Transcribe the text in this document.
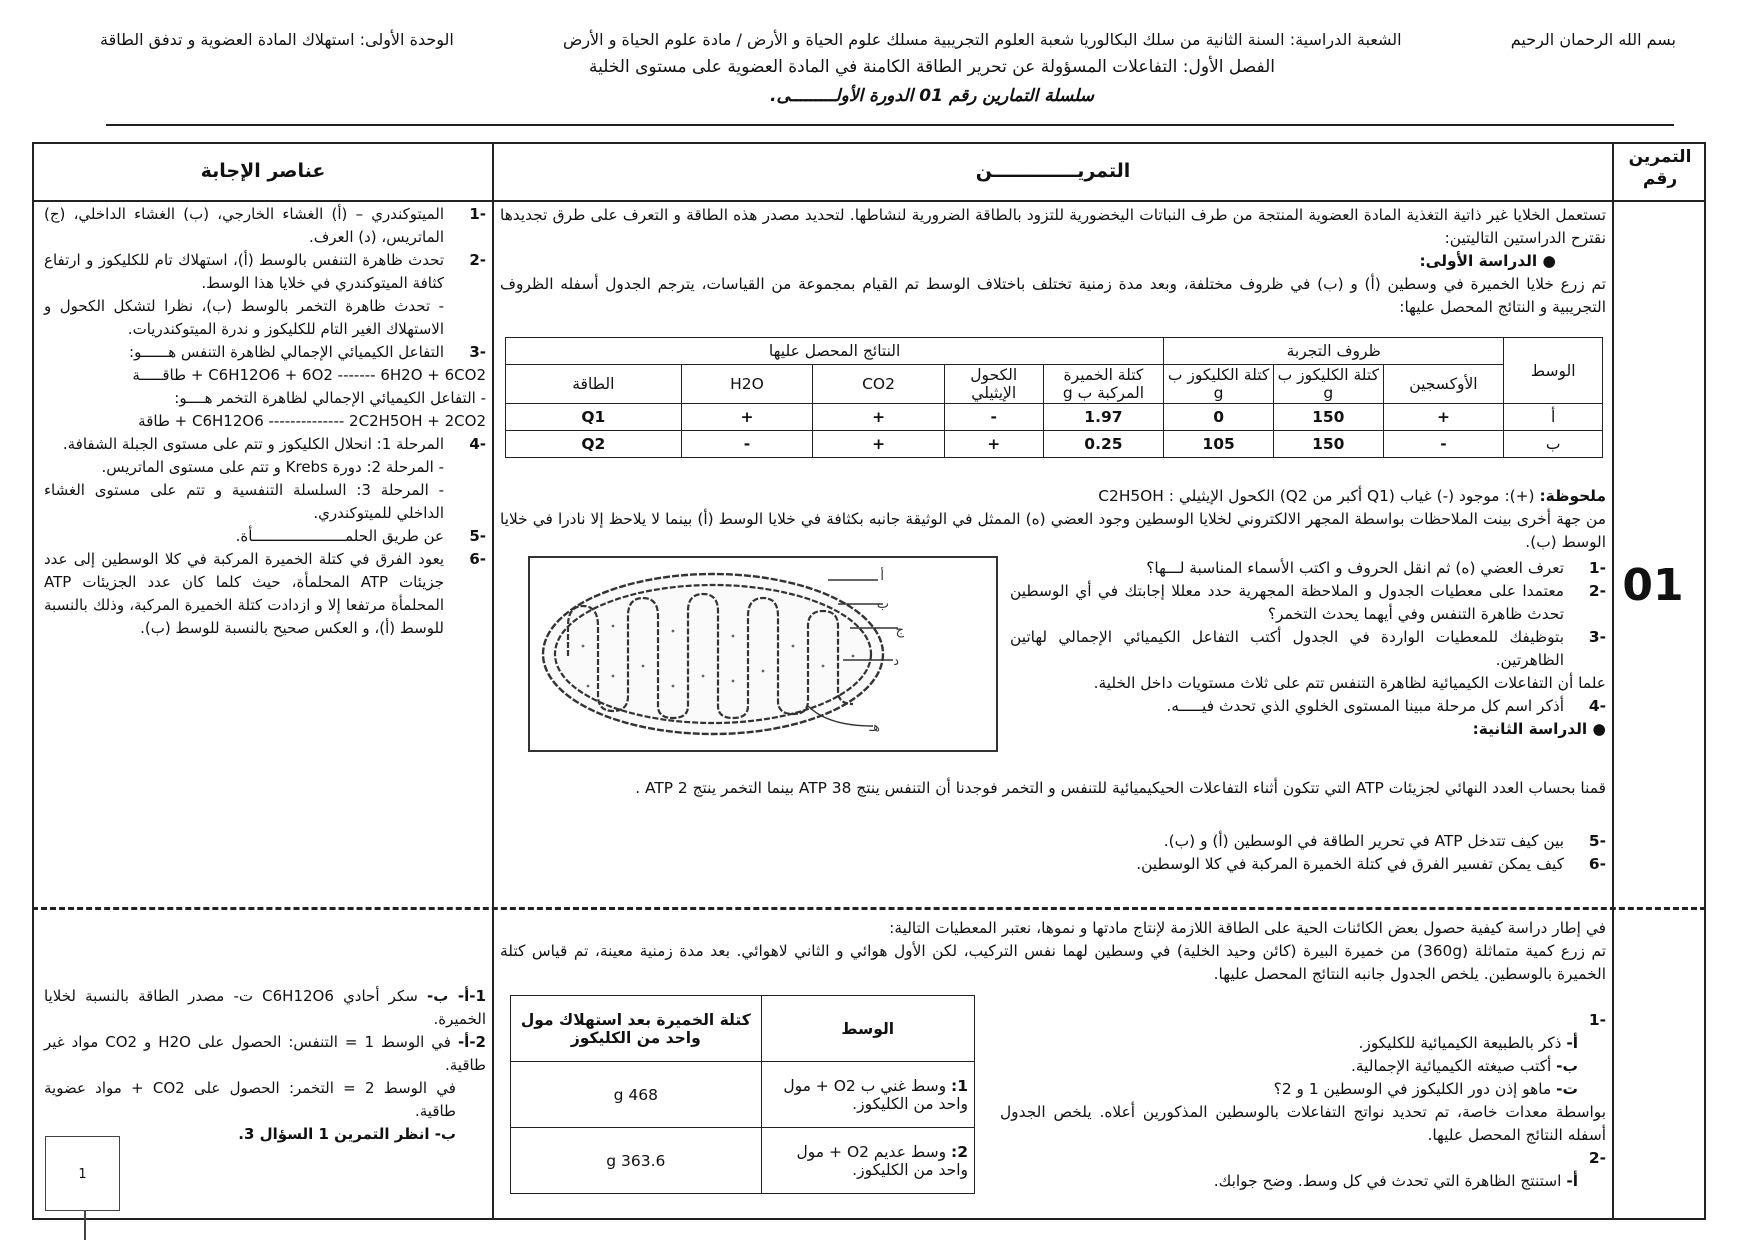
بسم الله الرحمان الرحيم
الشعبة الدراسية: السنة الثانية من سلك البكالوريا شعبة العلوم التجريبية مسلك علوم الحياة و الأرض / مادة علوم الحياة و الأرض
الوحدة الأولى: استهلاك المادة العضوية و تدفق الطاقة
الفصل الأول: التفاعلات المسؤولة عن تحرير الطاقة الكامنة في المادة العضوية على مستوى الخلية
سلسلة التمارين رقم 01 الدورة الأولـــــــــى.
التمرين رقم
التمريـــــــــــــن
عناصر الإجابة
01

تستعمل الخلايا غير ذاتية التغذية المادة العضوية المنتجة من طرف النباتات اليخضورية للتزود بالطاقة الضرورية لنشاطها. لتحديد مصدر هذه الطاقة و التعرف على طرق تجديدها نقترح الدراستين التاليتين:

● الدراسة الأولى:

تم زرع خلايا الخميرة في وسطين (أ) و (ب) في ظروف مختلفة، وبعد مدة زمنية تختلف باختلاف الوسط تم القيام بمجموعة من القياسات، يترجم الجدول أسفله الظروف التجريبية و النتائج المحصل عليها:

الوسط	ظروف التجربة			النتائج المحصل عليها				
	الأوكسجين	كتلة الكليكوز ب g	كتلة الكليكوز ب g	كتلة الخميرة المركبة ب g	الكحول الإيثيلي	CO2	H2O	الطاقة
أ	+	150	0	1.97	-	+	+	Q1
ب	-	150	105	0.25	+	+	-	Q2

ملحوظة: (+): موجود (-) غياب (Q1 أكبر من Q2) الكحول الإيثيلي : C2H5OH

من جهة أخرى بينت الملاحظات بواسطة المجهر الالكتروني لخلايا الوسطين وجود العضي (ه) الممثل في الوثيقة جانبه بكثافة في خلايا الوسط (أ) بينما لا يلاحظ إلا نادرا في خلايا الوسط (ب).

أ
ب
ج
د
هـ

-1
تعرف العضي (ه) ثم انقل الحروف و اكتب الأسماء المناسبة لـــها؟

-2
معتمدا على معطيات الجدول و الملاحظة المجهرية حدد معللا إجابتك في أي الوسطين تحدث ظاهرة التنفس وفي أيهما يحدث التخمر؟

-3
بتوظيفك للمعطيات الواردة في الجدول أكتب التفاعل الكيميائي الإجمالي لهاتين الظاهرتين.

علما أن التفاعلات الكيميائية لظاهرة التنفس تتم على ثلاث مستويات داخل الخلية.

-4
أذكر اسم كل مرحلة مبينا المستوى الخلوي الذي تحدث فيـــــه.

● الدراسة الثانية:

قمنا بحساب العدد النهائي لجزيئات ATP التي تتكون أثناء التفاعلات الحيكيميائية للتنفس و التخمر فوجدنا أن التنفس ينتج 38 ATP بينما التخمر ينتج 2 ATP .

-5
بين كيف تتدخل ATP في تحرير الطاقة في الوسطين (أ) و (ب).

-6
كيف يمكن تفسير الفرق في كتلة الخميرة المركبة في كلا الوسطين.

-1
الميتوكندري – (أ) الغشاء الخارجي، (ب) الغشاء الداخلي، (ج) الماتريس، (د) العرف.

-2
تحدث ظاهرة التنفس بالوسط (أ)، استهلاك تام للكليكوز و ارتفاع كثافة الميتوكندري في خلايا هذا الوسط.

- تحدث ظاهرة التخمر بالوسط (ب)، نظرا لتشكل الكحول و الاستهلاك الغير التام للكليكوز و ندرة الميتوكندريات.

-3
التفاعل الكيميائي الإجمالي لظاهرة التنفس هــــــو:

C6H12O6 + 6O2 ------- 6H2O + 6CO2 + طاقـــــة

- التفاعل الكيميائي الإجمالي لظاهرة التخمر هــــو:

C6H12O6 -------------- 2C2H5OH + 2CO2 + طاقة

-4
المرحلة 1: انحلال الكليكوز و تتم على مستوى الجبلة الشفافة.

- المرحلة 2: دورة Krebs و تتم على مستوى الماتريس.

- المرحلة 3: السلسلة التنفسية و تتم على مستوى الغشاء الداخلي للميتوكندري.

-5
عن طريق الحلمـــــــــــــــــــــأة.

-6
يعود الفرق في كتلة الخميرة المركبة في كلا الوسطين إلى عدد جزيئات ATP المحلمأة، حيث كلما كان عدد الجزيئات ATP المحلمأة مرتفعا إلا و ازدادت كتلة الخميرة المركبة، وذلك بالنسبة للوسط (أ)، و العكس صحيح بالنسبة للوسط (ب).

في إطار دراسة كيفية حصول بعض الكائنات الحية على الطاقة اللازمة لإنتاج مادتها و نموها، نعتبر المعطيات التالية:

تم زرع كمية متماثلة (360g) من خميرة البيرة (كائن وحيد الخلية) في وسطين لهما نفس التركيب، لكن الأول هوائي و الثاني لاهوائي. بعد مدة زمنية معينة، تم قياس كتلة الخميرة بالوسطين. يلخص الجدول جانبه النتائج المحصل عليها.

الوسط	كتلة الخميرة بعد استهلاك مول واحد من الكليكوز
1: وسط غني ب O2 + مول واحد من الكليكوز.	468 g
2: وسط عديم O2 + مول واحد من الكليكوز.	363.6 g

-1

أ- ذكر بالطبيعة الكيميائية للكليكوز.

ب- أكتب صيغته الكيميائية الإجمالية.

ت- ماهو إذن دور الكليكوز في الوسطين 1 و 2؟

بواسطة معدات خاصة، تم تحديد نواتج التفاعلات بالوسطين المذكورين أعلاه. يلخص الجدول أسفله النتائج المحصل عليها.

-2

أ- استنتج الظاهرة التي تحدث في كل وسط. وضح جوابك.

1-أ- ب- سكر أحادي C6H12O6 ت- مصدر الطاقة بالنسبة لخلايا الخميرة.

2-أ- في الوسط 1 = التنفس: الحصول على H2O و CO2 مواد غير طاقية.

في الوسط 2 = التخمر: الحصول على CO2 + مواد عضوية طاقية.

ب- انظر التمرين 1 السؤال 3.

1
